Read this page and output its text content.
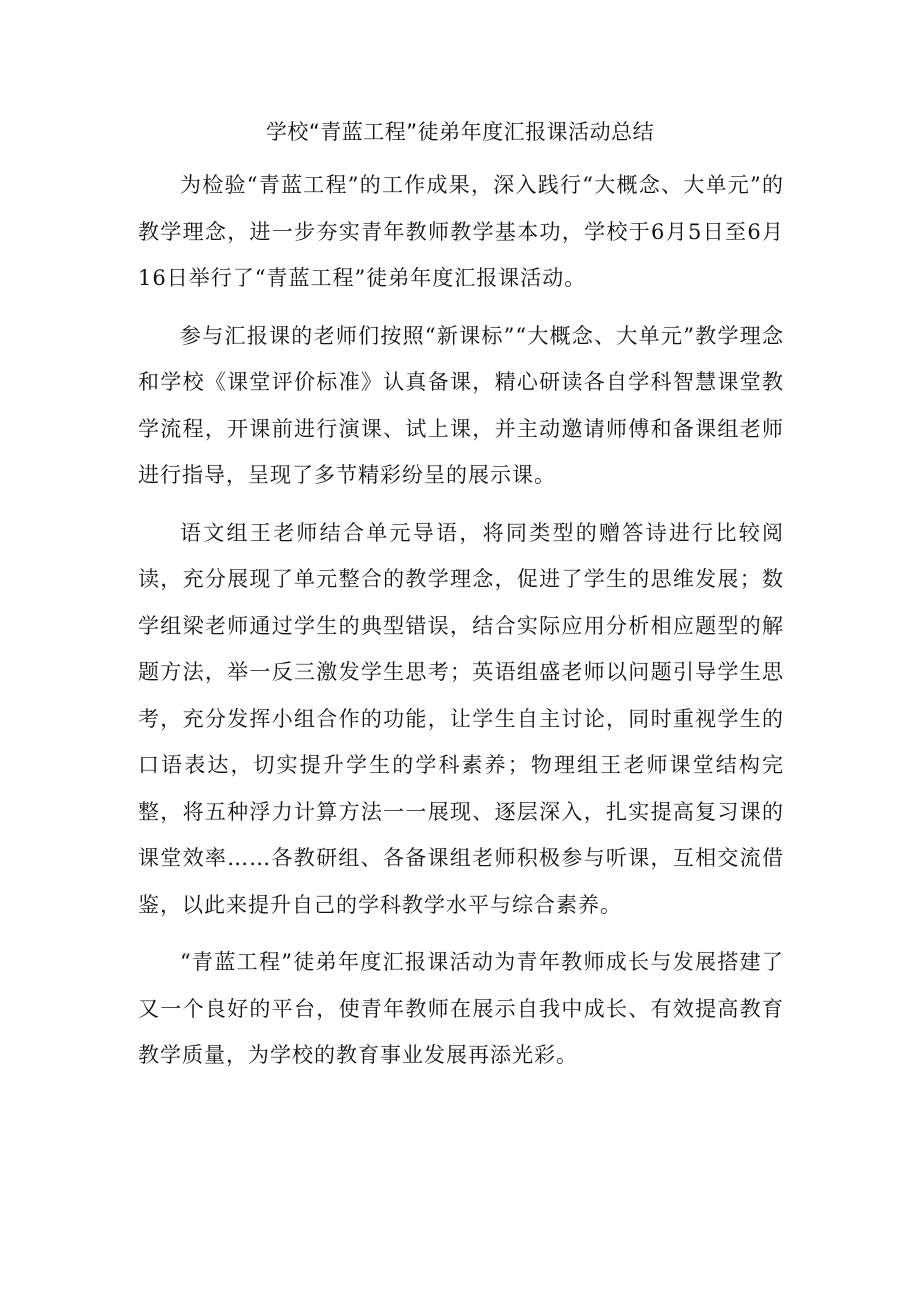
学校“青蓝工程”徒弟年度汇报课活动总结

为检验“青蓝工程”的工作成果，深入践行“大概念、大单元”的教学理念，进一步夯实青年教师教学基本功，学校于6月5日至6月16日举行了“青蓝工程”徒弟年度汇报课活动。

参与汇报课的老师们按照“新课标”“大概念、大单元”教学理念和学校《课堂评价标准》认真备课，精心研读各自学科智慧课堂教学流程，开课前进行演课、试上课，并主动邀请师傅和备课组老师进行指导，呈现了多节精彩纷呈的展示课。

语文组王老师结合单元导语，将同类型的赠答诗进行比较阅读，充分展现了单元整合的教学理念，促进了学生的思维发展；数学组梁老师通过学生的典型错误，结合实际应用分析相应题型的解题方法，举一反三激发学生思考；英语组盛老师以问题引导学生思考，充分发挥小组合作的功能，让学生自主讨论，同时重视学生的口语表达，切实提升学生的学科素养；物理组王老师课堂结构完整，将五种浮力计算方法一一展现、逐层深入，扎实提高复习课的课堂效率……各教研组、各备课组老师积极参与听课，互相交流借鉴，以此来提升自己的学科教学水平与综合素养。

“青蓝工程”徒弟年度汇报课活动为青年教师成长与发展搭建了又一个良好的平台，使青年教师在展示自我中成长、有效提高教育教学质量，为学校的教育事业发展再添光彩。
